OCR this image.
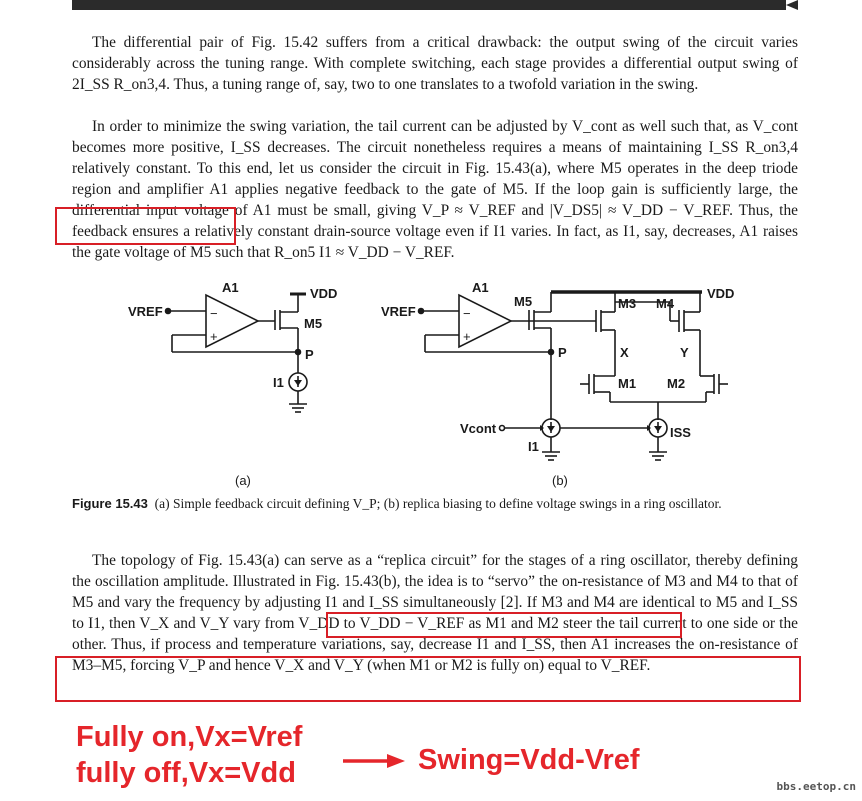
The differential pair of Fig. 15.42 suffers from a critical drawback: the output swing of the circuit varies considerably across the tuning range. With complete switching, each stage provides a differential output swing of 2I_SS R_on3,4. Thus, a tuning range of, say, two to one translates to a twofold variation in the swing.

In order to minimize the swing variation, the tail current can be adjusted by V_cont as well such that, as V_cont becomes more positive, I_SS decreases. The circuit nonetheless requires a means of maintaining I_SS R_on3,4 relatively constant. To this end, let us consider the circuit in Fig. 15.43(a), where M5 operates in the deep triode region and amplifier A1 applies negative feedback to the gate of M5. If the loop gain is sufficiently large, the differential input voltage of A1 must be small, giving V_P ≈ V_REF and |V_DS5| ≈ V_DD − V_REF. Thus, the feedback ensures a relatively constant drain-source voltage even if I1 varies. In fact, as I1, say, decreases, A1 raises the gate voltage of M5 such that R_on5 I1 ≈ V_DD − V_REF.

VREF
A1	VDD
M5
P
I1
−
+
VREF
A1	VDD
M5	M3 M4
P	X	Y
M1 M2
Vcont
I1
ISS
−
+
(a)	(b)
Figure 15.43 (a) Simple feedback circuit defining V_P; (b) replica biasing to define voltage swings in a ring oscillator.

The topology of Fig. 15.43(a) can serve as a “replica circuit” for the stages of a ring oscillator, thereby defining the oscillation amplitude. Illustrated in Fig. 15.43(b), the idea is to “servo” the on-resistance of M3 and M4 to that of M5 and vary the frequency by adjusting I1 and I_SS simultaneously [2]. If M3 and M4 are identical to M5 and I_SS to I1, then V_X and V_Y vary from V_DD to V_DD − V_REF as M1 and M2 steer the tail current to one side or the other. Thus, if process and temperature variations, say, decrease I1 and I_SS, then A1 increases the on-resistance of M3–M5, forcing V_P and hence V_X and V_Y (when M1 or M2 is fully on) equal to V_REF.

Fully on,Vx=Vref
fully off,Vx=Vdd	Swing=Vdd-Vref
bbs.eetop.cn
